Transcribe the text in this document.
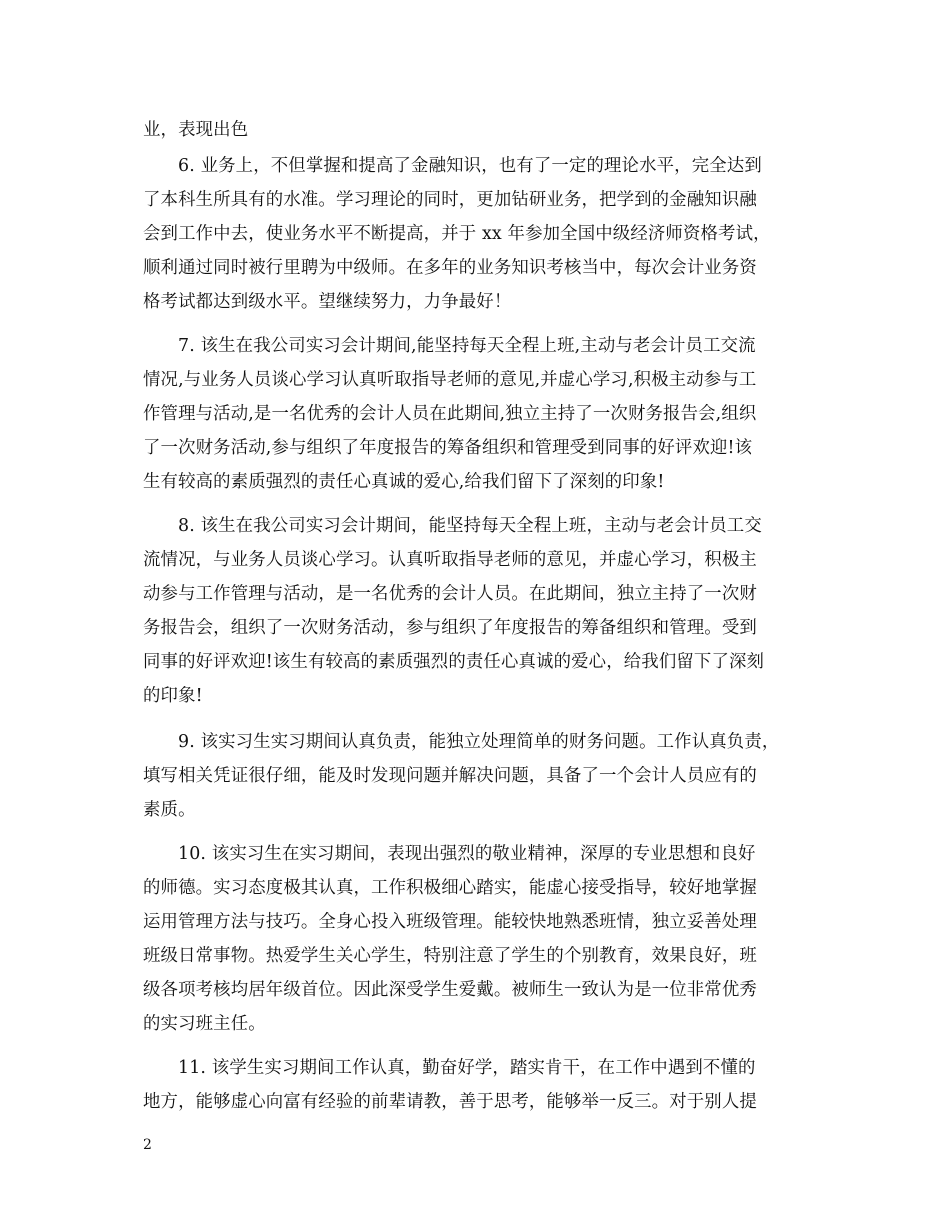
业，表现出色
6. 业务上，不但掌握和提高了金融知识，也有了一定的理论水平，完全达到
了本科生所具有的水准。学习理论的同时，更加钻研业务，把学到的金融知识融
会到工作中去，使业务水平不断提高，并于 xx 年参加全国中级经济师资格考试，
顺利通过同时被行里聘为中级师。在多年的业务知识考核当中，每次会计业务资
格考试都达到级水平。望继续努力，力争最好！
7. 该生在我公司实习会计期间,能坚持每天全程上班,主动与老会计员工交流
情况,与业务人员谈心学习认真听取指导老师的意见,并虚心学习,积极主动参与工
作管理与活动,是一名优秀的会计人员在此期间,独立主持了一次财务报告会,组织
了一次财务活动,参与组织了年度报告的筹备组织和管理受到同事的好评欢迎!该
生有较高的素质强烈的责任心真诚的爱心,给我们留下了深刻的印象!
8. 该生在我公司实习会计期间，能坚持每天全程上班，主动与老会计员工交
流情况，与业务人员谈心学习。认真听取指导老师的意见，并虚心学习，积极主
动参与工作管理与活动，是一名优秀的会计人员。在此期间，独立主持了一次财
务报告会，组织了一次财务活动，参与组织了年度报告的筹备组织和管理。受到
同事的好评欢迎!该生有较高的素质强烈的责任心真诚的爱心，给我们留下了深刻
的印象!
9. 该实习生实习期间认真负责，能独立处理简单的财务问题。工作认真负责，
填写相关凭证很仔细，能及时发现问题并解决问题，具备了一个会计人员应有的
素质。
10. 该实习生在实习期间，表现出强烈的敬业精神，深厚的专业思想和良好
的师德。实习态度极其认真，工作积极细心踏实，能虚心接受指导，较好地掌握
运用管理方法与技巧。全身心投入班级管理。能较快地熟悉班情，独立妥善处理
班级日常事物。热爱学生关心学生，特别注意了学生的个别教育，效果良好，班
级各项考核均居年级首位。因此深受学生爱戴。被师生一致认为是一位非常优秀
的实习班主任。
11. 该学生实习期间工作认真，勤奋好学，踏实肯干，在工作中遇到不懂的
地方，能够虚心向富有经验的前辈请教，善于思考，能够举一反三。对于别人提
2
